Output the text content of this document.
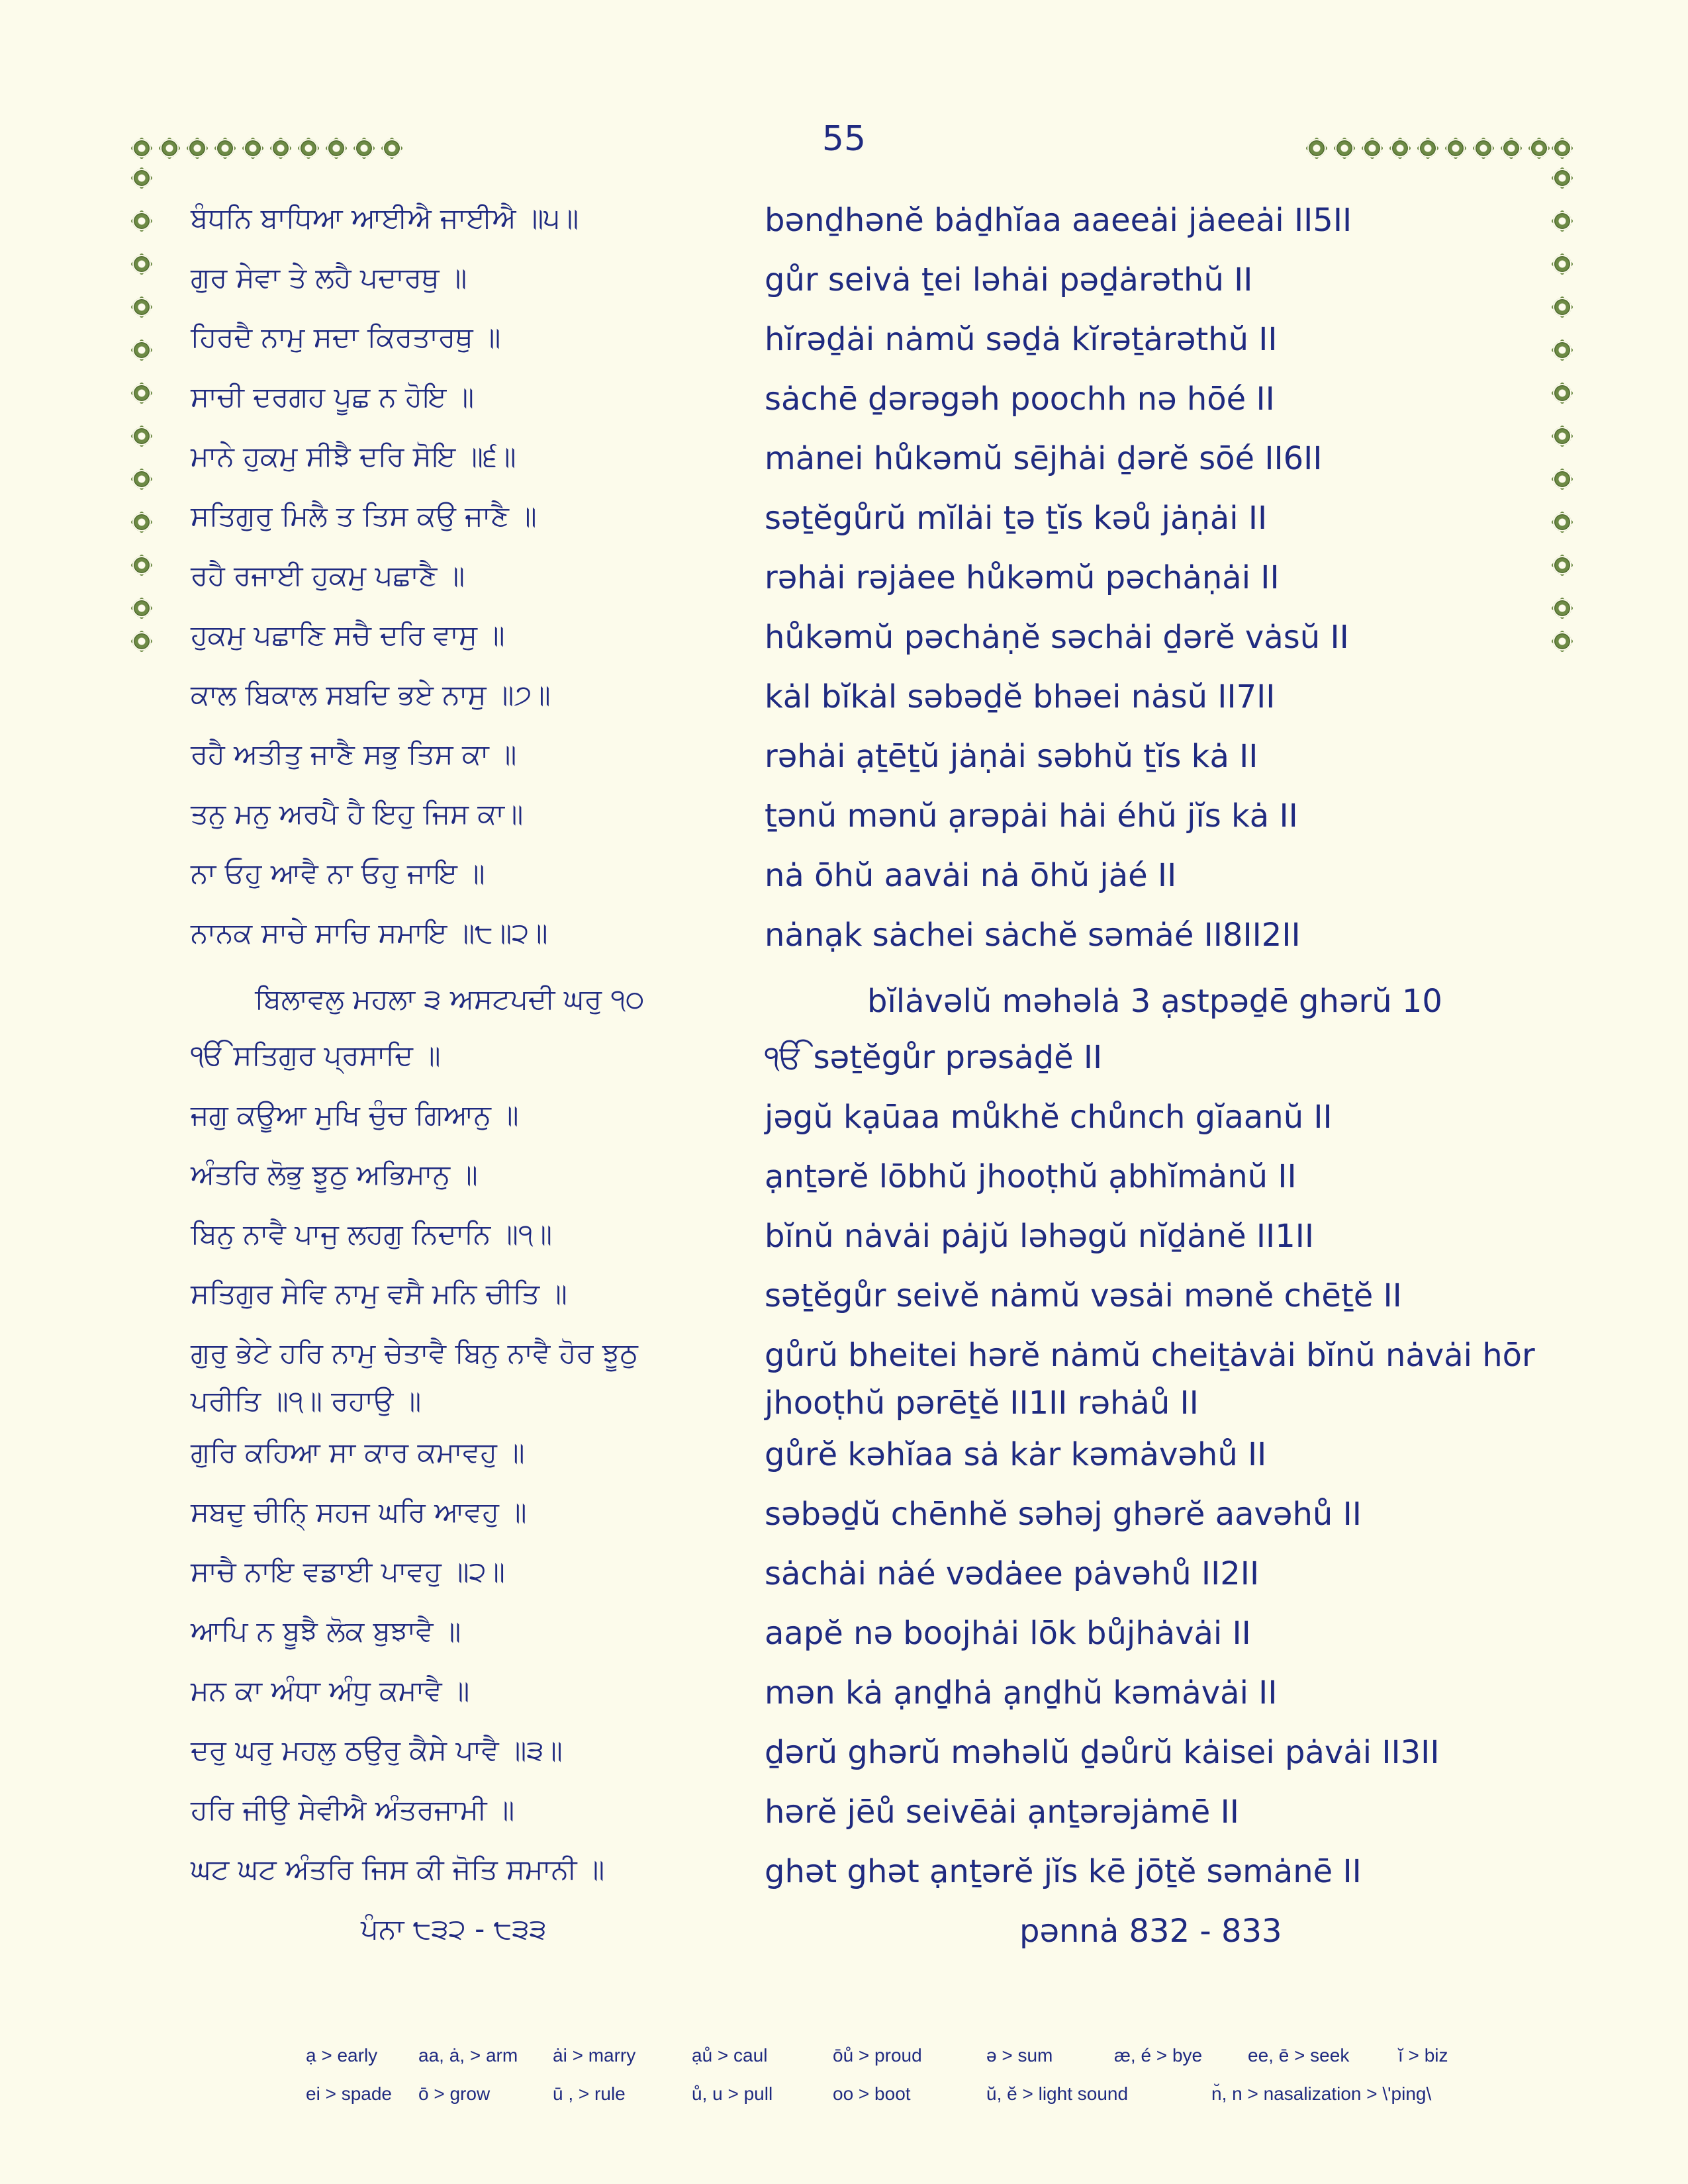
55
ਬੰਧਨਿ ਬਾਧਿਆ ਆਈਐ ਜਾਈਐ ॥੫॥	bənḏhənĕ bȧḏhĭaa aaeeȧi jȧeeȧi II5II
ਗੁਰ ਸੇਵਾ ਤੇ ਲਹੈ ਪਦਾਰਥੁ ॥	gůr seivȧ ṯei ləhȧi pəḏȧrəthŭ II
ਹਿਰਦੈ ਨਾਮੁ ਸਦਾ ਕਿਰਤਾਰਥੁ ॥	hĭrəḏȧi nȧmŭ səḏȧ kĭrəṯȧrəthŭ II
ਸਾਚੀ ਦਰਗਹ ਪੂਛ ਨ ਹੋਇ ॥	sȧchē ḏərəgəh poochh nə hōé II
ਮਾਨੇ ਹੁਕਮੁ ਸੀਝੈ ਦਰਿ ਸੋਇ ॥੬॥	mȧnei hůkəmŭ sējhȧi ḏərĕ sōé II6II
ਸਤਿਗੁਰੁ ਮਿਲੈ ਤ ਤਿਸ ਕਉ ਜਾਣੈ ॥	səṯĕgůrŭ mĭlȧi ṯə ṯĭs kəů jȧṇȧi II
ਰਹੈ ਰਜਾਈ ਹੁਕਮੁ ਪਛਾਣੈ ॥	rəhȧi rəjȧee hůkəmŭ pəchȧṇȧi II
ਹੁਕਮੁ ਪਛਾਣਿ ਸਚੈ ਦਰਿ ਵਾਸੁ ॥	hůkəmŭ pəchȧṇĕ səchȧi ḏərĕ vȧsŭ II
ਕਾਲ ਬਿਕਾਲ ਸਬਦਿ ਭਏ ਨਾਸੁ ॥੭॥	kȧl bĭkȧl səbəḏĕ bhəei nȧsŭ II7II
ਰਹੈ ਅਤੀਤੁ ਜਾਣੈ ਸਭੁ ਤਿਸ ਕਾ ॥	rəhȧi ạṯēṯŭ jȧṇȧi səbhŭ ṯĭs kȧ II
ਤਨੁ ਮਨੁ ਅਰਪੈ ਹੈ ਇਹੁ ਜਿਸ ਕਾ॥	ṯənŭ mənŭ ạrəpȧi hȧi éhŭ jĭs kȧ II
ਨਾ ਓਹੁ ਆਵੈ ਨਾ ਓਹੁ ਜਾਇ ॥	nȧ ōhŭ aavȧi nȧ ōhŭ jȧé II
ਨਾਨਕ ਸਾਚੇ ਸਾਚਿ ਸਮਾਇ ॥੮॥੨॥	nȧnạk sȧchei sȧchĕ səmȧé II8II2II
ਬਿਲਾਵਲੁ ਮਹਲਾ ੩ ਅਸਟਪਦੀ ਘਰੁ ੧੦	bĭlȧvəlŭ məhəlȧ 3 ạstpəḏē ghərŭ 10
ੴ ਸਤਿਗੁਰ ਪ੍ਰਸਾਦਿ ॥	ੴ səṯĕgůr prəsȧḏĕ II
ਜਗੁ ਕਊਆ ਮੁਖਿ ਚੁੰਚ ਗਿਆਨੁ ॥	jəgŭ kạūaa můkhĕ chůnch gĭaanŭ II
ਅੰਤਰਿ ਲੋਭੁ ਝੂਠੁ ਅਭਿਮਾਨੁ ॥	ạnṯərĕ lōbhŭ jhooṭhŭ ạbhĭmȧnŭ II
ਬਿਨੁ ਨਾਵੈ ਪਾਜੁ ਲਹਗੁ ਨਿਦਾਨਿ ॥੧॥	bĭnŭ nȧvȧi pȧjŭ ləhəgŭ nĭḏȧnĕ II1II
ਸਤਿਗੁਰ ਸੇਵਿ ਨਾਮੁ ਵਸੈ ਮਨਿ ਚੀਤਿ ॥	səṯĕgůr seivĕ nȧmŭ vəsȧi mənĕ chēṯĕ II
ਗੁਰੁ ਭੇਟੇ ਹਰਿ ਨਾਮੁ ਚੇਤਾਵੈ ਬਿਨੁ ਨਾਵੈ ਹੋਰ ਝੂਠੁ	gůrŭ bheitei hərĕ nȧmŭ cheiṯȧvȧi bĭnŭ nȧvȧi hōr
ਪਰੀਤਿ ॥੧॥ ਰਹਾਉ ॥	jhooṭhŭ pərēṯĕ II1II rəhȧů II
ਗੁਰਿ ਕਹਿਆ ਸਾ ਕਾਰ ਕਮਾਵਹੁ ॥	gůrĕ kəhĭaa sȧ kȧr kəmȧvəhů II
ਸਬਦੁ ਚੀਨਿ੍ ਸਹਜ ਘਰਿ ਆਵਹੁ ॥	səbəḏŭ chēnhĕ səhəj ghərĕ aavəhů II
ਸਾਚੈ ਨਾਇ ਵਡਾਈ ਪਾਵਹੁ ॥੨॥	sȧchȧi nȧé vədȧee pȧvəhů II2II
ਆਪਿ ਨ ਬੂਝੈ ਲੋਕ ਬੁਝਾਵੈ ॥	aapĕ nə boojhȧi lōk bůjhȧvȧi II
ਮਨ ਕਾ ਅੰਧਾ ਅੰਧੁ ਕਮਾਵੈ ॥	mən kȧ ạnḏhȧ ạnḏhŭ kəmȧvȧi II
ਦਰੁ ਘਰੁ ਮਹਲੁ ਠਉਰੁ ਕੈਸੇ ਪਾਵੈ ॥੩॥	ḏərŭ ghərŭ məhəlŭ ḏəůrŭ kȧisei pȧvȧi II3II
ਹਰਿ ਜੀਉ ਸੇਵੀਐ ਅੰਤਰਜਾਮੀ ॥	hərĕ jēů seivēȧi ạnṯərəjȧmē II
ਘਟ ਘਟ ਅੰਤਰਿ ਜਿਸ ਕੀ ਜੋਤਿ ਸਮਾਨੀ ॥	ghət ghət ạnṯərĕ jĭs kē jōṯĕ səmȧnē II
ਪੰਨਾ ੮੩੨ - ੮੩੩	pənnȧ 832 - 833
ạ > early aa, ȧ, > arm ȧi > marry	ạů > caul	ōů > proud	ə > sum	æ, é > bye ee, ē > seek	ĭ > biz
ei > spade ō > grow	ū , > rule	ů, u > pull	oo > boot	ŭ, ĕ > light sound	n̆, n > nasalization > \'ping\
